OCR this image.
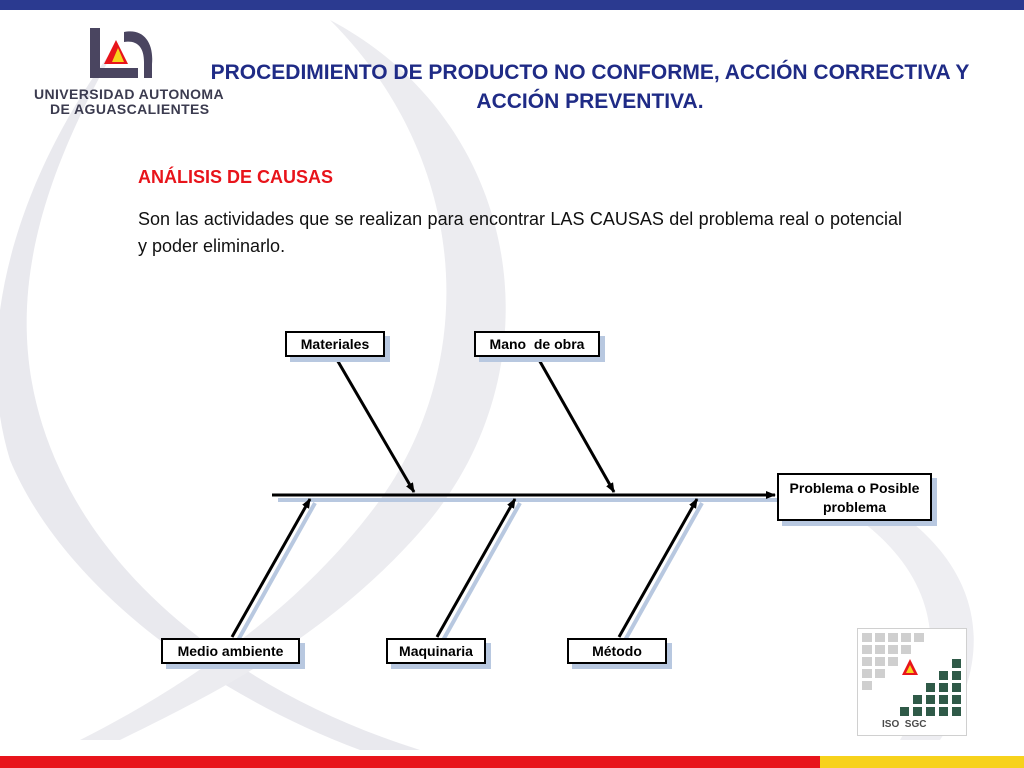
UNIVERSIDAD AUTONOMA
DE AGUASCALIENTES
PROCEDIMIENTO DE PRODUCTO NO CONFORME, ACCIÓN CORRECTIVA Y ACCIÓN PREVENTIVA.
ANÁLISIS DE CAUSAS
Son las actividades que se realizan para encontrar LAS CAUSAS del problema real o potencial y poder eliminarlo.
Materiales	Mano  de obra
Medio ambiente	Maquinaria	Método
Problema o Posible problema
ISO  SGC
